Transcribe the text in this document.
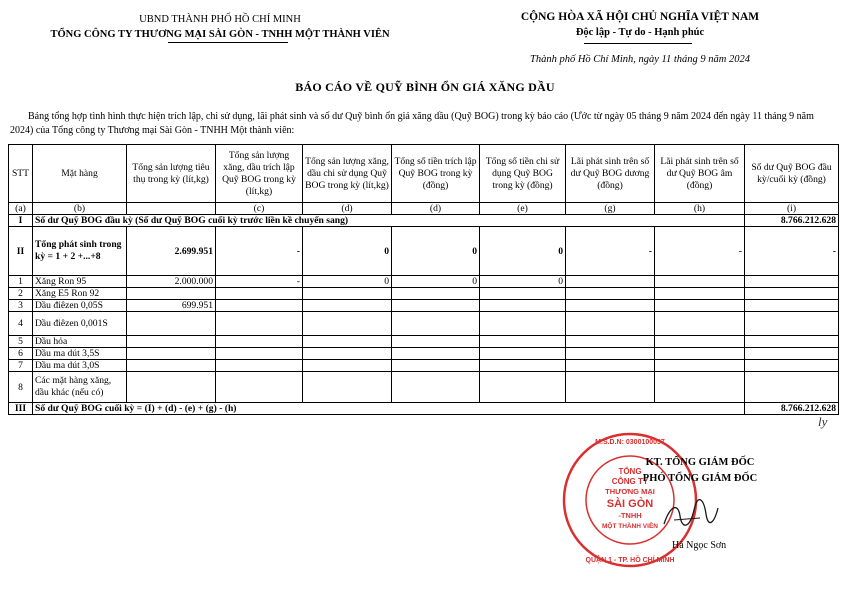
UBND THÀNH PHỐ HỒ CHÍ MINH
TỔNG CÔNG TY THƯƠNG MẠI SÀI GÒN - TNHH MỘT THÀNH VIÊN
CỘNG HÒA XÃ HỘI CHỦ NGHĨA VIỆT NAM
Độc lập - Tự do - Hạnh phúc
Thành phố Hồ Chí Minh, ngày 11 tháng 9 năm 2024
BÁO CÁO VỀ QUỸ BÌNH ỔN GIÁ XĂNG DẦU
Bảng tổng hợp tình hình thực hiện trích lập, chi sử dụng, lãi phát sinh và số dư Quỹ bình ổn giá xăng dầu (Quỹ BOG) trong kỳ báo cáo (Ước từ ngày 05 tháng 9 năm 2024 đến ngày 11 tháng 9 năm 2024) của Tổng công ty Thương mại Sài Gòn - TNHH Một thành viên:
STT	Mặt hàng	Tổng sản lượng tiêu thụ trong kỳ (lít,kg)	Tổng sản lượng xăng, dầu trích lập Quỹ BOG trong kỳ (lít,kg)	Tổng sản lượng xăng, dầu chi sử dụng Quỹ BOG trong kỳ (lít,kg)	Tổng số tiền trích lập Quỹ BOG trong kỳ (đồng)	Tổng số tiền chi sử dụng Quỹ BOG trong kỳ (đồng)	Lãi phát sinh trên số dư Quỹ BOG dương (đồng)	Lãi phát sinh trên số dư Quỹ BOG âm (đồng)	Số dư Quỹ BOG đầu kỳ/cuối kỳ (đồng)
(a)	(b)		(c)	(d)	(d)	(e)	(g)	(h)	(i)
I	Số dư Quỹ BOG đầu kỳ (Số dư Quỹ BOG cuối kỳ trước liền kề chuyển sang)								8.766.212.628
II	Tổng phát sinh trong kỳ = 1 + 2 +...+8	2.699.951	-	0	0	0	-	-	-
1	Xăng Ron 95	2.000.000	-	0	0	0			
2	Xăng E5 Ron 92								
3	Dầu điêzen 0,05S	699.951							
4	Dầu điêzen 0,001S								
5	Dầu hỏa								
6	Dầu ma dút 3,5S								
7	Dầu ma dút 3,0S								
8	Các mặt hàng xăng, dầu khác (nếu có)								
III	Số dư Quỹ BOG cuối kỳ = (I) + (d) - (e) + (g) - (h)								8.766.212.628
ly
TỔNG
CÔNG TY
THƯƠNG MẠI
SÀI GÒN
-TNHH
MỘT THÀNH VIÊN
M.S.D.N: 0300100037
QUẬN 1 - TP. HỒ CHÍ MINH
KT. TỔNG GIÁM ĐỐC
PHÓ TỔNG GIÁM ĐỐC
Hà Ngọc Sơn
